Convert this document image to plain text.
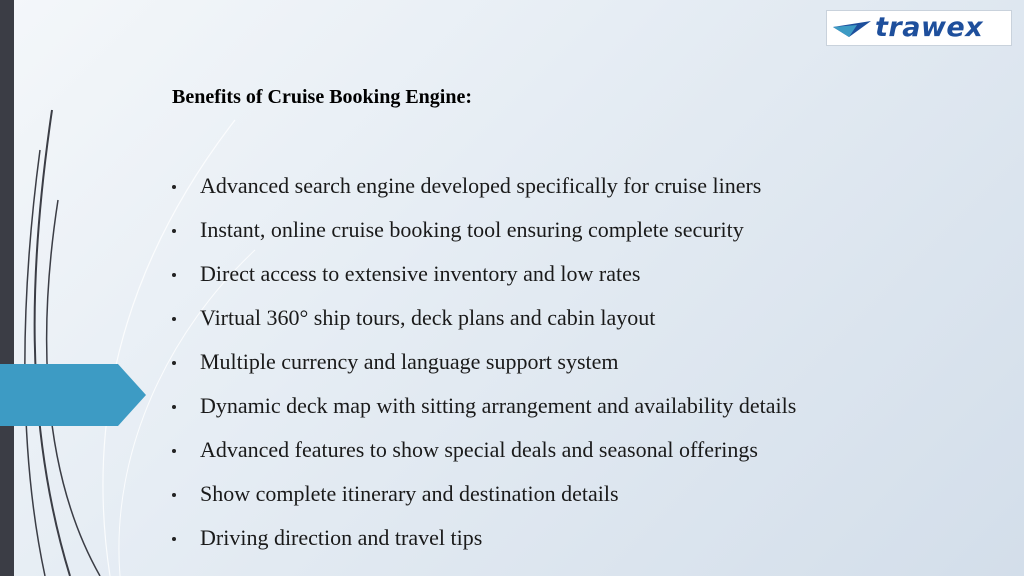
trawex
Benefits of Cruise Booking Engine:
Advanced search engine developed specifically for cruise liners
Instant, online cruise booking tool ensuring complete security
Direct access to extensive inventory and low rates
Virtual 360° ship tours, deck plans and cabin layout
Multiple currency and language support system
Dynamic deck map with sitting arrangement and availability details
Advanced features to show special deals and seasonal offerings
Show complete itinerary and destination details
Driving direction and travel tips
